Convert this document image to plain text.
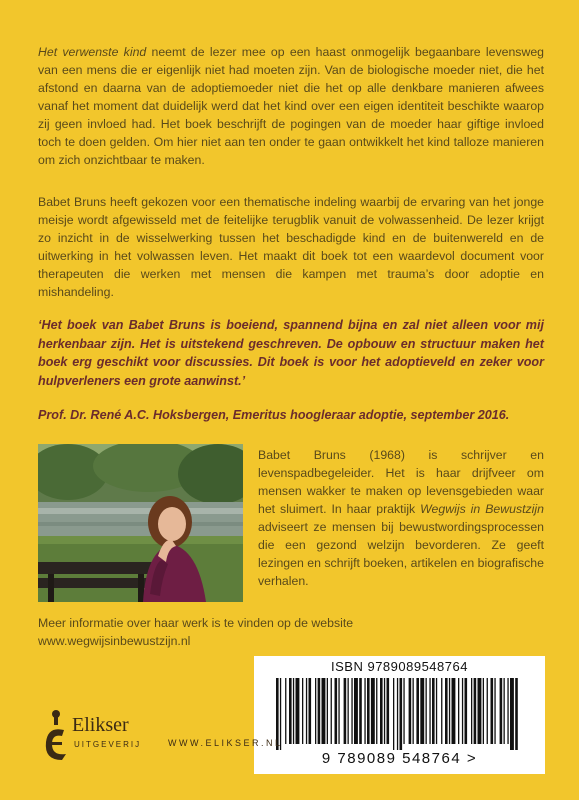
Het verwenste kind neemt de lezer mee op een haast onmogelijk begaanbare levensweg van een mens die er eigenlijk niet had moeten zijn. Van de biologische moeder niet, die het afstond en daarna van de adoptiemoeder niet die het op alle denkbare manieren afwees vanaf het moment dat duidelijk werd dat het kind over een eigen identiteit beschikte waarop zij geen invloed had. Het boek beschrijft de pogingen van de moeder haar giftige invloed toch te doen gelden. Om hier niet aan ten onder te gaan ontwikkelt het kind talloze manieren om zich onzichtbaar te maken.

Babet Bruns heeft gekozen voor een thematische indeling waarbij de ervaring van het jonge meisje wordt afgewisseld met de feitelijke terugblik vanuit de volwassenheid. De lezer krijgt zo inzicht in de wisselwerking tussen het beschadigde kind en de buitenwereld en de uitwerking in het volwassen leven. Het maakt dit boek tot een waardevol document voor therapeuten die werken met mensen die kampen met trauma’s door adoptie en mishandeling.

‘Het boek van Babet Bruns is boeiend, spannend bijna en zal niet alleen voor mij herkenbaar zijn. Het is uitstekend geschreven. De opbouw en structuur maken het boek erg geschikt voor discussies. Dit boek is voor het adoptieveld en zeker voor hulpverleners een grote aanwinst.’

Prof. Dr. René A.C. Hoksbergen, Emeritus hoogleraar adoptie, september 2016.

Babet Bruns (1968) is schrijver en levenspadbegeleider. Het is haar drijfveer om mensen wakker te maken op levensgebieden waar het sluimert. In haar praktijk Wegwijs in Bewustzijn adviseert ze mensen bij bewustwordingsprocessen die een gezond welzijn bevorderen. Ze geeft lezingen en schrijft boeken, artikelen en biografische verhalen.

Meer informatie over haar werk is te vinden op de website
www.wegwijsinbewustzijn.nl

ISBN 9789089548764
9 789089 548764 >
Elikser
UITGEVERIJ	WWW.ELIKSER.NL
